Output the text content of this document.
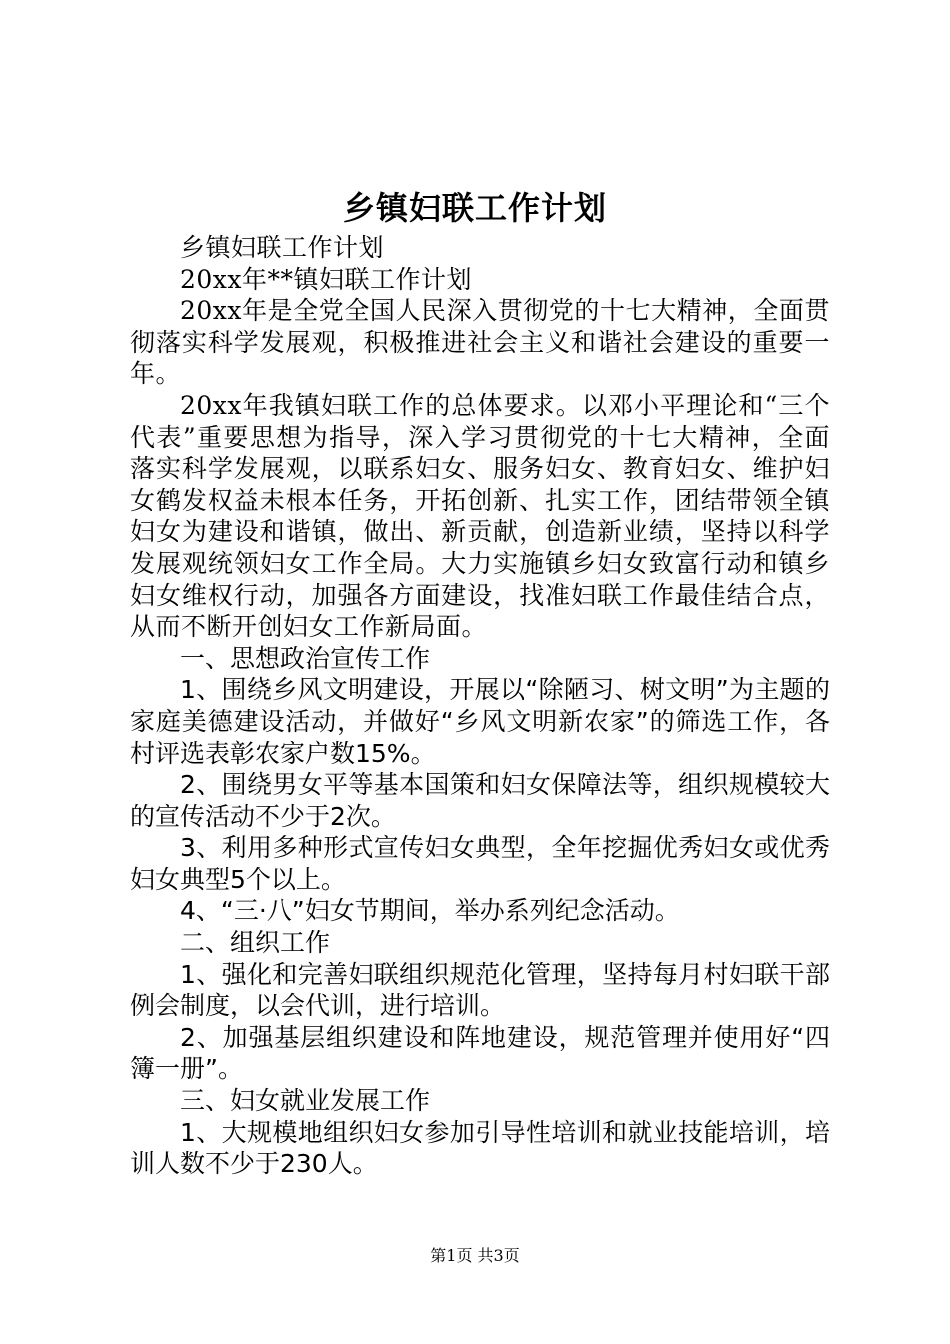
乡镇妇联工作计划

乡镇妇联工作计划

20xx年**镇妇联工作计划

20xx年是全党全国人民深入贯彻党的十七大精神，全面贯彻落实科学发展观，积极推进社会主义和谐社会建设的重要一年。

20xx年我镇妇联工作的总体要求。以邓小平理论和“三个代表”重要思想为指导，深入学习贯彻党的十七大精神，全面落实科学发展观，以联系妇女、服务妇女、教育妇女、维护妇女鹤发权益未根本任务，开拓创新、扎实工作，团结带领全镇妇女为建设和谐镇，做出、新贡献，创造新业绩，坚持以科学发展观统领妇女工作全局。大力实施镇乡妇女致富行动和镇乡妇女维权行动，加强各方面建设，找准妇联工作最佳结合点，从而不断开创妇女工作新局面。

一、思想政治宣传工作

1、围绕乡风文明建设，开展以“除陋习、树文明”为主题的家庭美德建设活动，并做好“乡风文明新农家”的筛选工作，各村评选表彰农家户数15%。

2、围绕男女平等基本国策和妇女保障法等，组织规模较大的宣传活动不少于2次。

3、利用多种形式宣传妇女典型，全年挖掘优秀妇女或优秀妇女典型5个以上。

4、“三·八”妇女节期间，举办系列纪念活动。

二、组织工作

1、强化和完善妇联组织规范化管理，坚持每月村妇联干部例会制度，以会代训，进行培训。

2、加强基层组织建设和阵地建设，规范管理并使用好“四簿一册”。

三、妇女就业发展工作

1、大规模地组织妇女参加引导性培训和就业技能培训，培训人数不少于230人。

第1页 共3页
